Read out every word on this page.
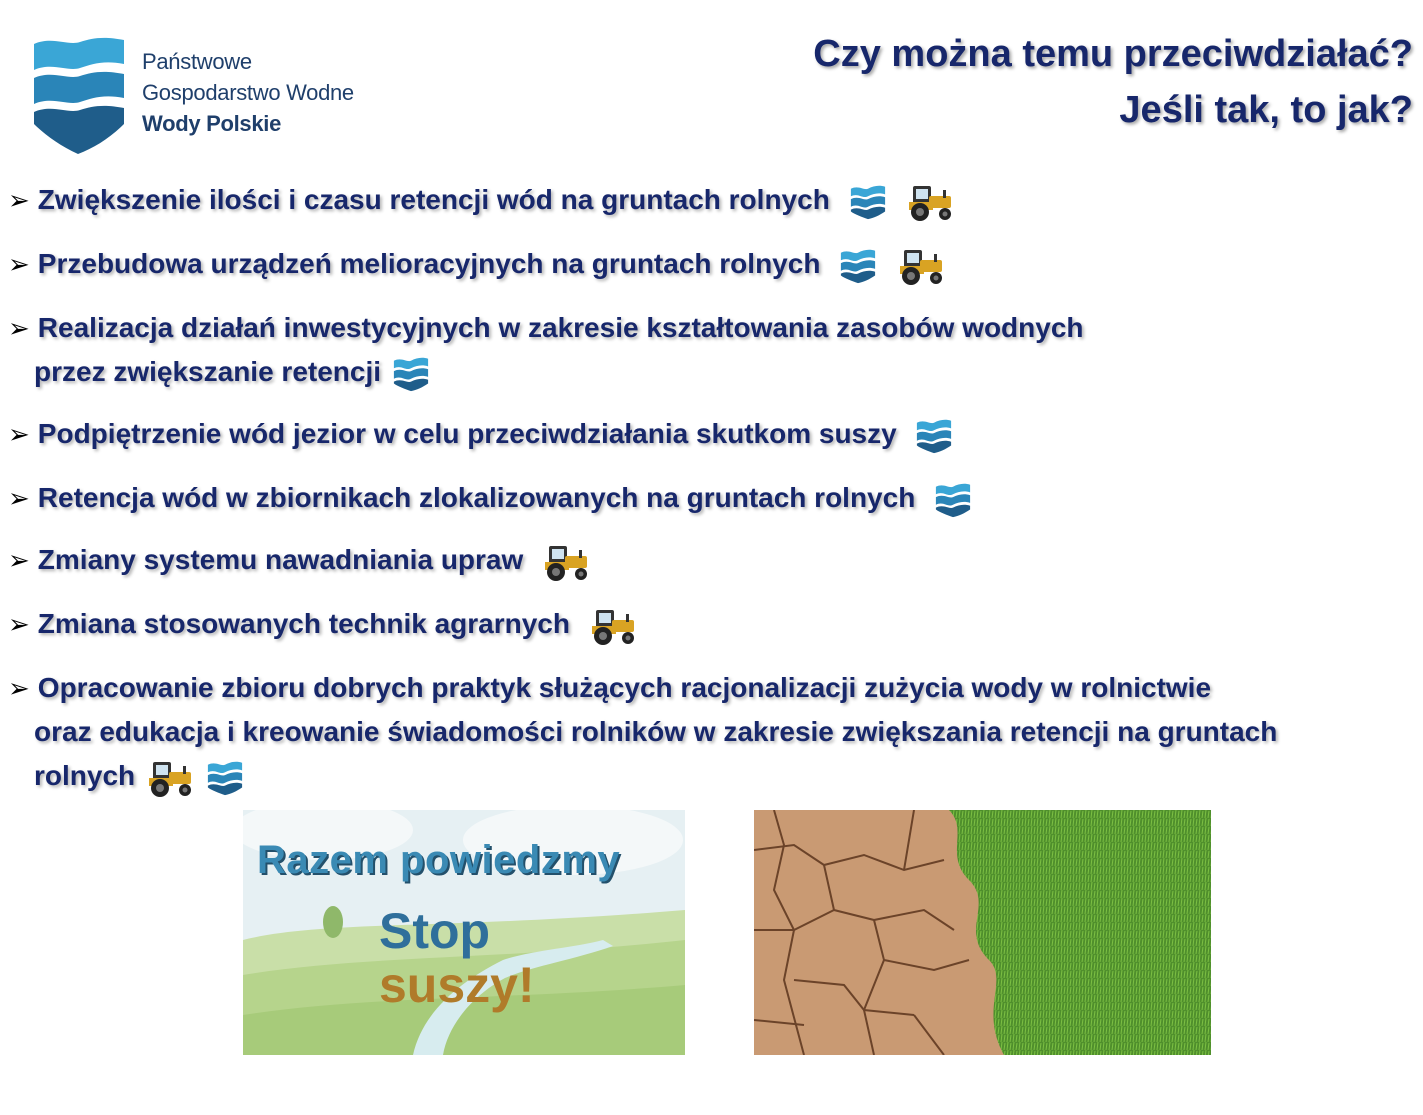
Państwowe
Gospodarstwo Wodne
Wody Polskie
Czy można temu przeciwdziałać?
Jeśli tak, to jak?
➢ Zwiększenie ilości i czasu retencji wód na gruntach rolnych
➢ Przebudowa urządzeń melioracyjnych na gruntach rolnych
➢ Realizacja działań inwestycyjnych w zakresie kształtowania zasobów wodnych
przez zwiększanie retencji
➢ Podpiętrzenie wód jezior w celu przeciwdziałania skutkom suszy
➢ Retencja wód w zbiornikach zlokalizowanych na gruntach rolnych
➢ Zmiany systemu nawadniania upraw
➢ Zmiana stosowanych technik agrarnych
➢ Opracowanie zbioru dobrych praktyk służących racjonalizacji zużycia wody w rolnictwie
oraz edukacja i kreowanie świadomości rolników w zakresie zwiększania retencji na gruntach
rolnych
Razem powiedzmy
Stop
suszy!
